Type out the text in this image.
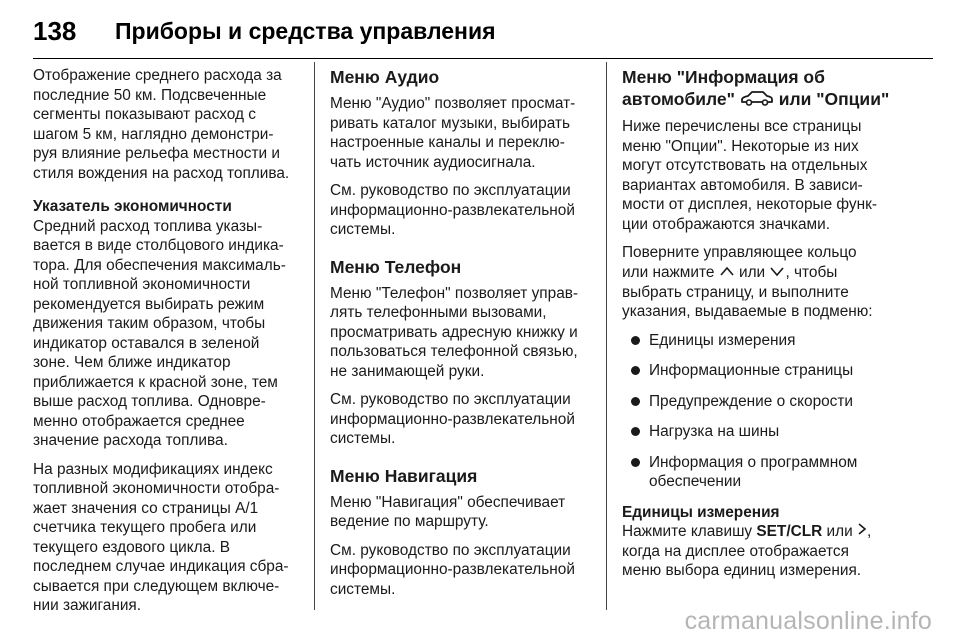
138 Приборы и средства управления

Отображение среднего расхода за
последние 50 км. Подсвеченные
сегменты показывают расход с
шагом 5 км, наглядно демонстри-
руя влияние рельефа местности и
стиля вождения на расход топлива.

Указатель экономичности

Средний расход топлива указы-
вается в виде столбцового индика-
тора. Для обеспечения максималь-
ной топливной экономичности
рекомендуется выбирать режим
движения таким образом, чтобы
индикатор оставался в зеленой
зоне. Чем ближе индикатор
приближается к красной зоне, тем
выше расход топлива. Одновре-
менно отображается среднее
значение расхода топлива.

На разных модификациях индекс
топливной экономичности отобра-
жает значения со страницы A/1
счетчика текущего пробега или
текущего ездового цикла. В
последнем случае индикация сбра-
сывается при следующем включе-
нии зажигания.

Меню Аудио

Меню "Аудио" позволяет просмат-
ривать каталог музыки, выбирать
настроенные каналы и переклю-
чать источник аудиосигнала.

См. руководство по эксплуатации
информационно-развлекательной
системы.

Меню Телефон

Меню "Телефон" позволяет управ-
лять телефонными вызовами,
просматривать адресную книжку и
пользоваться телефонной связью,
не занимающей руки.

См. руководство по эксплуатации
информационно-развлекательной
системы.

Меню Навигация

Меню "Навигация" обеспечивает
ведение по маршруту.

См. руководство по эксплуатации
информационно-развлекательной
системы.

Меню "Информация об
автомобиле"	или "Опции"

Ниже перечислены все страницы
меню "Опции". Некоторые из них
могут отсутствовать на отдельных
вариантах автомобиля. В зависи-
мости от дисплея, некоторые функ-
ции отображаются значками.

Поверните управляющее кольцо
или нажмите или , чтобы
выбрать страницу, и выполните
указания, выдаваемые в подменю:

Единицы измерения
Информационные страницы
Предупреждение о скорости
Нагрузка на шины
Информация о программном
обеспечении
Единицы измерения

Нажмите клавишу SET/CLR или ,
когда на дисплее отображается
меню выбора единиц измерения.

carmanualsonline.info
